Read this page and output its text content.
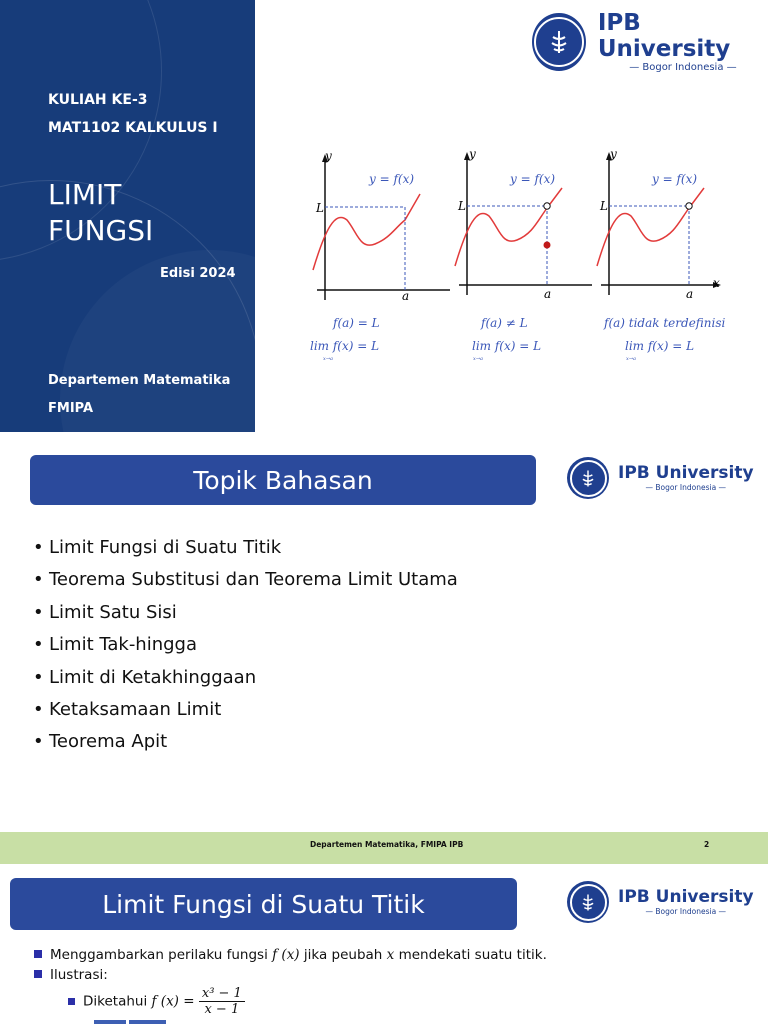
KULIAH KE-3
MAT1102 KALKULUS I
LIMIT
FUNGSI
Edisi 2024
Departemen Matematika
FMIPA
IPB University
— Bogor Indonesia —
y
L
a
y = f(x)
f(a) = L
lim f(x) = L
x→a
y
L
a
y = f(x)
f(a) ≠ L
lim f(x) = L
x→a
y
L
a
x
y = f(x)
f(a) tidak terdefinisi
lim f(x) = L
x→a
Topik Bahasan	IPB University
— Bogor Indonesia —
• Limit Fungsi di Suatu Titik
• Teorema Substitusi dan Teorema Limit Utama
• Limit Satu Sisi
• Limit Tak-hingga
• Limit di Ketakhinggaan
• Ketaksamaan Limit
• Teorema Apit
Departemen Matematika, FMIPA IPB	2
Limit Fungsi di Suatu Titik	IPB University
— Bogor Indonesia —
Menggambarkan perilaku fungsi f (x) jika peubah x mendekati suatu titik.
Ilustrasi:
Diketahui f $(x) = \frac{\text{x³ − 1}}{x - 1}$
